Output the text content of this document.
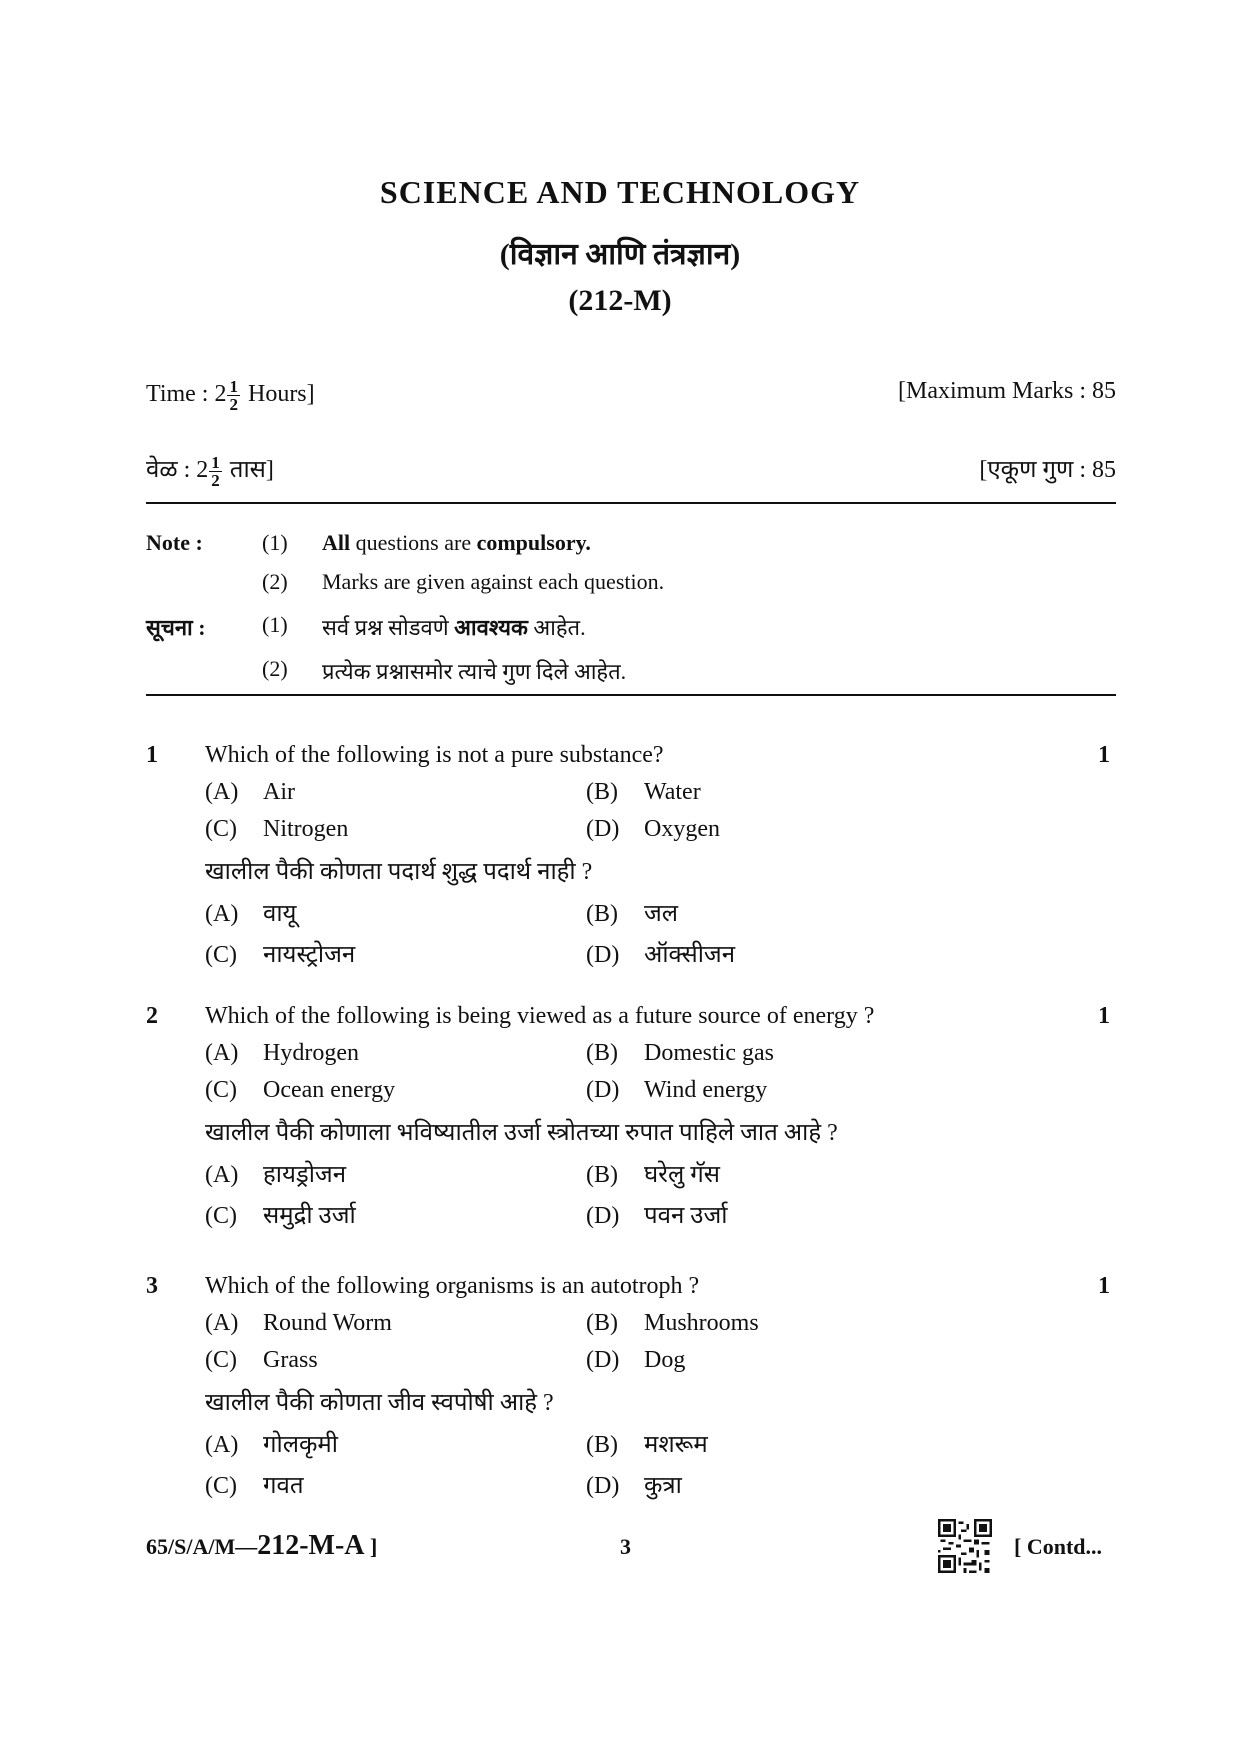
SCIENCE AND TECHNOLOGY
(विज्ञान आणि तंत्रज्ञान)
(212-M)
Time : $2 \frac{1}{2}$ Hours]	[Maximum Marks : 85
वेळ : $2 \frac{1}{2}$ तास]	[एकूण गुण : 85
Note :	(1) All questions are compulsory.
(2) Marks are given against each question.
सूचना :	(1) सर्व प्रश्न सोडवणे आवश्यक आहेत.
(2) प्रत्येक प्रश्नासमोर त्याचे गुण दिले आहेत.
1 Which of the following is not a pure substance?	1
(A) Air	(B) Water
(C) Nitrogen	(D) Oxygen
खालील पैकी कोणता पदार्थ शुद्ध पदार्थ नाही ?
(A) वायू	(B) जल
(C) नायस्ट्रोजन	(D) ऑक्सीजन
2 Which of the following is being viewed as a future source of energy ?	1
(A) Hydrogen	(B) Domestic gas
(C) Ocean energy	(D) Wind energy
खालील पैकी कोणाला भविष्यातील उर्जा स्त्रोतच्या रुपात पाहिले जात आहे ?
(A) हायड्रोजन	(B) घरेलु गॅस
(C) समुद्री उर्जा	(D) पवन उर्जा
3 Which of the following organisms is an autotroph ?	1
(A) Round Worm	(B) Mushrooms
(C) Grass	(D) Dog
खालील पैकी कोणता जीव स्वपोषी आहे ?
(A) गोलकृमी	(B) मशरूम
(C) गवत	(D) कुत्रा
65/S/A/M—212-M-A ]	3	[ Contd...
